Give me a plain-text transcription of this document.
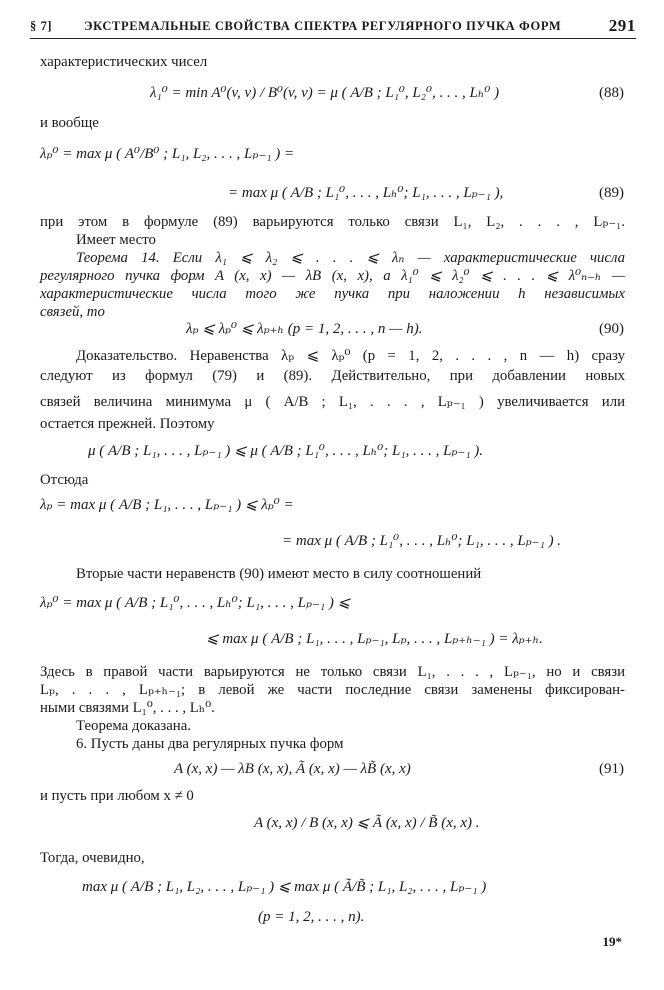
§ 7]	ЭКСТРЕМАЛЬНЫЕ СВОЙСТВА СПЕКТРА РЕГУЛЯРНОГО ПУЧКА ФОРМ	291
характеристических чисел
λ₁⁰ = min A⁰(v, v) / B⁰(v, v) = μ ( A/B ; L₁⁰, L₂⁰, . . . , Lₕ⁰ )	(88)
и вообще
λₚ⁰ = max μ ( A⁰/B⁰ ; L₁, L₂, . . . , Lₚ₋₁ ) =
= max μ ( A/B ; L₁⁰, . . . , Lₕ⁰; L₁, . . . , Lₚ₋₁ ),	(89)
при этом в формуле (89) варьируются только связи L₁, L₂, . . . , Lₚ₋₁.
Имеет место
Теорема 14. Если λ₁ ⩽ λ₂ ⩽ . . . ⩽ λₙ — характеристические числа
регулярного пучка форм A (x, x) — λB (x, x), а λ₁⁰ ⩽ λ₂⁰ ⩽ . . . ⩽ λ⁰ₙ₋ₕ —
характеристические числа того же пучка при наложении h независимых
связей, то
λₚ ⩽ λₚ⁰ ⩽ λₚ₊ₕ (p = 1, 2, . . . , n — h).	(90)
Доказательство. Неравенства λₚ ⩽ λₚ⁰ (p = 1, 2, . . . , n — h) сразу
следуют из формул (79) и (89). Действительно, при добавлении новых
связей величина минимума μ ( A/B ; L₁, . . . , Lₚ₋₁ ) увеличивается или
остается прежней. Поэтому
μ ( A/B ; L₁, . . . , Lₚ₋₁ ) ⩽ μ ( A/B ; L₁⁰, . . . , Lₕ⁰; L₁, . . . , Lₚ₋₁ ).
Отсюда
λₚ = max μ ( A/B ; L₁, . . . , Lₚ₋₁ ) ⩽ λₚ⁰ =
= max μ ( A/B ; L₁⁰, . . . , Lₕ⁰; L₁, . . . , Lₚ₋₁ ) .
Вторые части неравенств (90) имеют место в силу соотношений
λₚ⁰ = max μ ( A/B ; L₁⁰, . . . , Lₕ⁰; L₁, . . . , Lₚ₋₁ ) ⩽
⩽ max μ ( A/B ; L₁, . . . , Lₚ₋₁, Lₚ, . . . , Lₚ₊ₕ₋₁ ) = λₚ₊ₕ.
Здесь в правой части варьируются не только связи L₁, . . . , Lₚ₋₁, но и связи
Lₚ, . . . , Lₚ₊ₕ₋₁; в левой же части последние связи заменены фиксирован-
ными связями L₁⁰, . . . , Lₕ⁰.
Теорема доказана.
6. Пусть даны два регулярных пучка форм
A (x, x) — λB (x, x), Ã (x, x) — λB̃ (x, x)	(91)
и пусть при любом x ≠ 0
A (x, x) / B (x, x) ⩽ Ã (x, x) / B̃ (x, x) .
Тогда, очевидно,
max μ ( A/B ; L₁, L₂, . . . , Lₚ₋₁ ) ⩽ max μ ( Ã/B̃ ; L₁, L₂, . . . , Lₚ₋₁ )
(p = 1, 2, . . . , n).
19*
